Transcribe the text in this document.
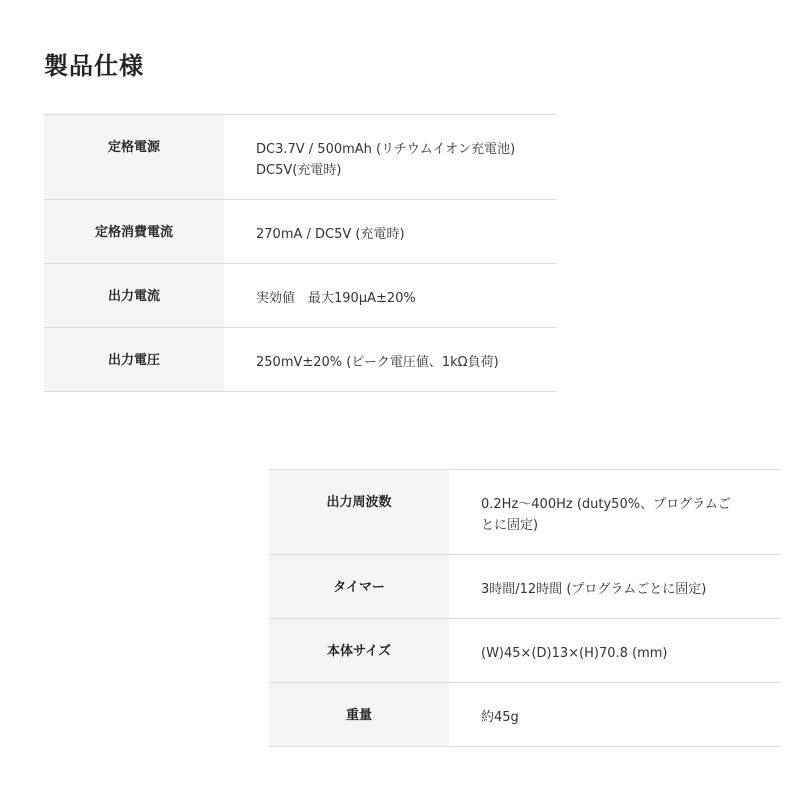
製品仕様
定格電源	DC3.7V / 500mAh (リチウムイオン充電池)
DC5V(充電時)

定格消費電流	270mA / DC5V (充電時)

出力電流	実効値　最大190μA±20%

出力電圧	250mV±20% (ピーク電圧値、1kΩ負荷)
出力周波数	0.2Hz～400Hz (duty50%、プログラムご
とに固定)

タイマー	3時間/12時間 (プログラムごとに固定)

本体サイズ	(W)45×(D)13×(H)70.8 (mm)

重量	約45g
